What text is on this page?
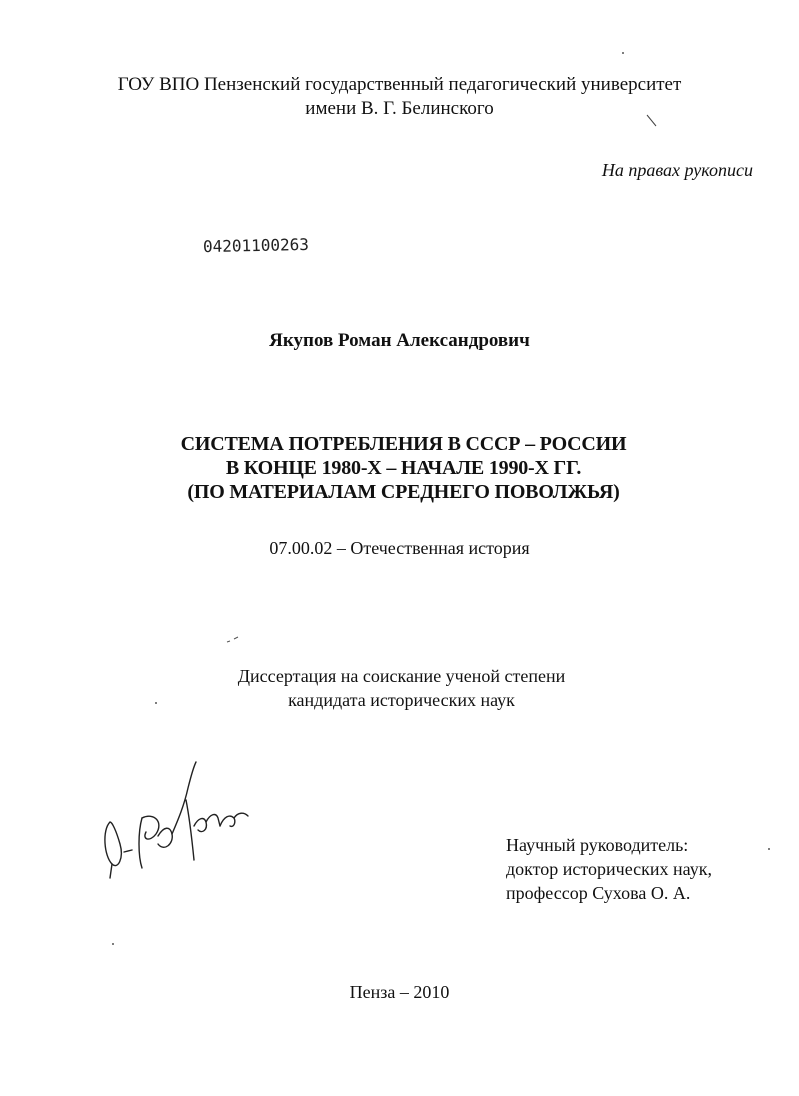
ГОУ ВПО Пензенский государственный педагогический университет
имени В. Г. Белинского
На правах рукописи
04201100263
Якупов Роман Александрович
СИСТЕМА ПОТРЕБЛЕНИЯ В СССР – РОССИИ
В КОНЦЕ 1980-Х – НАЧАЛЕ 1990-Х ГГ.
(ПО МАТЕРИАЛАМ СРЕДНЕГО ПОВОЛЖЬЯ)
07.00.02 – Отечественная история
Диссертация на соискание ученой степени
кандидата исторических наук
Научный руководитель:
доктор исторических наук,
профессор Сухова О. А.
Пенза – 2010
